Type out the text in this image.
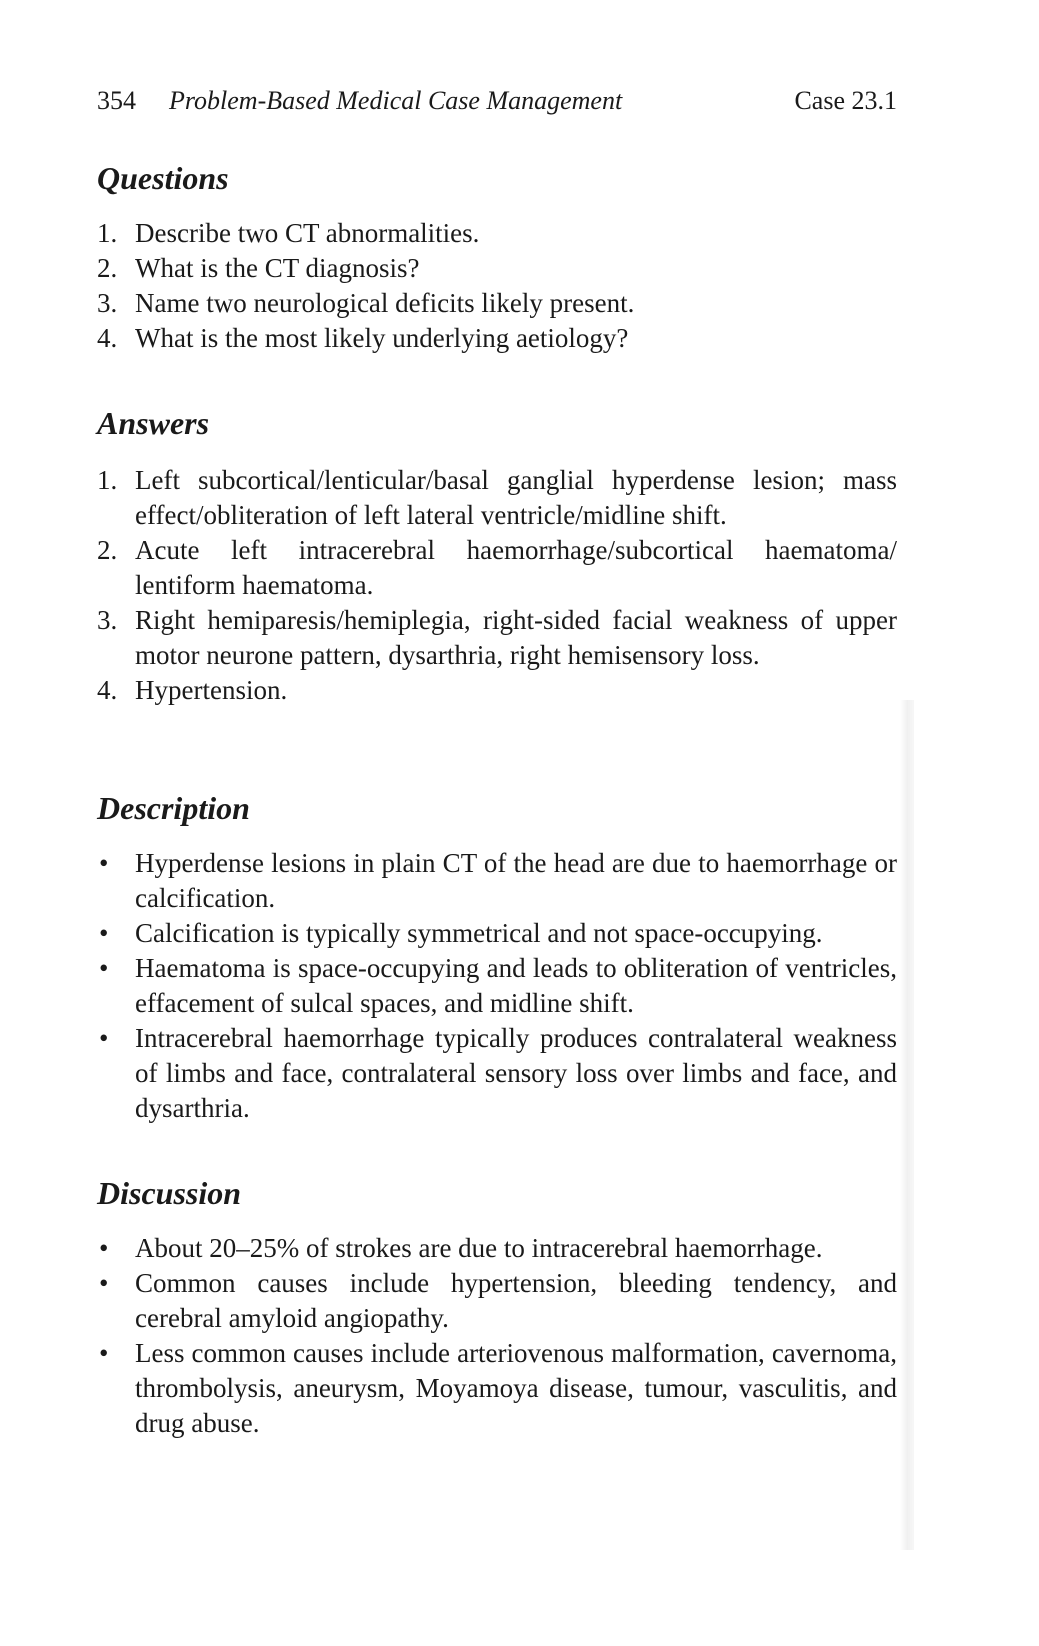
354 Problem-Based Medical Case Management	Case 23.1
Questions
1. Describe two CT abnormalities.
2. What is the CT diagnosis?
3. Name two neurological deficits likely present.
4. What is the most likely underlying aetiology?
Answers
1. Left subcortical/lenticular/basal ganglial hyperdense lesion; mass effect/obliteration of left lateral ventricle/midline shift.
2. Acute left intracerebral haemorrhage/subcortical haematoma/ lentiform haematoma.
3. Right hemiparesis/hemiplegia, right-sided facial weakness of upper motor neurone pattern, dysarthria, right hemisensory loss.
4. Hypertension.
Description
• Hyperdense lesions in plain CT of the head are due to haemorrhage or calcification.
• Calcification is typically symmetrical and not space-occupying.
• Haematoma is space-occupying and leads to obliteration of ventricles, effacement of sulcal spaces, and midline shift.
• Intracerebral haemorrhage typically produces contralateral weakness of limbs and face, contralateral sensory loss over limbs and face, and dysarthria.
Discussion
• About 20–25% of strokes are due to intracerebral haemorrhage.
• Common causes include hypertension, bleeding tendency, and cerebral amyloid angiopathy.
• Less common causes include arteriovenous malformation, cavernoma, thrombolysis, aneurysm, Moyamoya disease, tumour, vasculitis, and drug abuse.
